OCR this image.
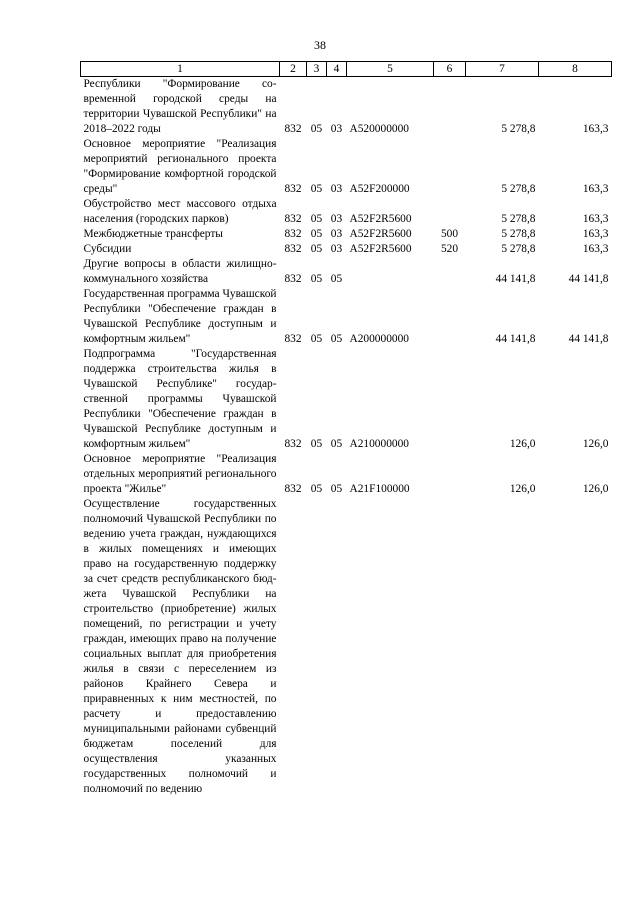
38
1	2	3	4	5	6	7	8
Республики "Формирование современной городской среды на территории Чувашской Республики" на 2018–2022 годы	832	05	03	A520000000		5 278,8	163,3
Основное мероприятие "Реализация мероприятий регионального проекта "Формирование комфортной городской среды"	832	05	03	A52F200000		5 278,8	163,3
Обустройство мест массового отдыха населения (городских парков)	832	05	03	A52F2R5600		5 278,8	163,3
Межбюджетные трансферты	832	05	03	A52F2R5600	500	5 278,8	163,3
Субсидии	832	05	03	A52F2R5600	520	5 278,8	163,3
Другие вопросы в области жилищно-коммунального хозяйства	832	05	05			44 141,8	44 141,8
Государственная программа Чувашской Республики "Обеспечение граждан в Чувашской Республике доступным и комфортным жильем"	832	05	05	A200000000		44 141,8	44 141,8
Подпрограмма "Государственная поддержка строительства жилья в Чувашской Республике" государственной программы Чувашской Республики "Обеспечение граждан в Чувашской Республике доступным и комфортным жильем"	832	05	05	A210000000		126,0	126,0
Основное мероприятие "Реализация отдельных мероприятий регионального проекта "Жилье"	832	05	05	A21F100000		126,0	126,0
Осуществление государственных полномочий Чувашской Республики по ведению учета граждан, нуждающихся в жилых помещениях и имеющих право на государственную поддержку за счет средств республиканского бюджета Чувашской Республики на строительство (приобретение) жилых помещений, по регистрации и учету граждан, имеющих право на получение социальных выплат для приобретения жилья в связи с переселением из районов Крайнего Севера и приравненных к ним местностей, по расчету и предоставлению муниципальными районами субвенций бюджетам поселений для осуществления указанных государственных полномочий и полномочий по ведению							
